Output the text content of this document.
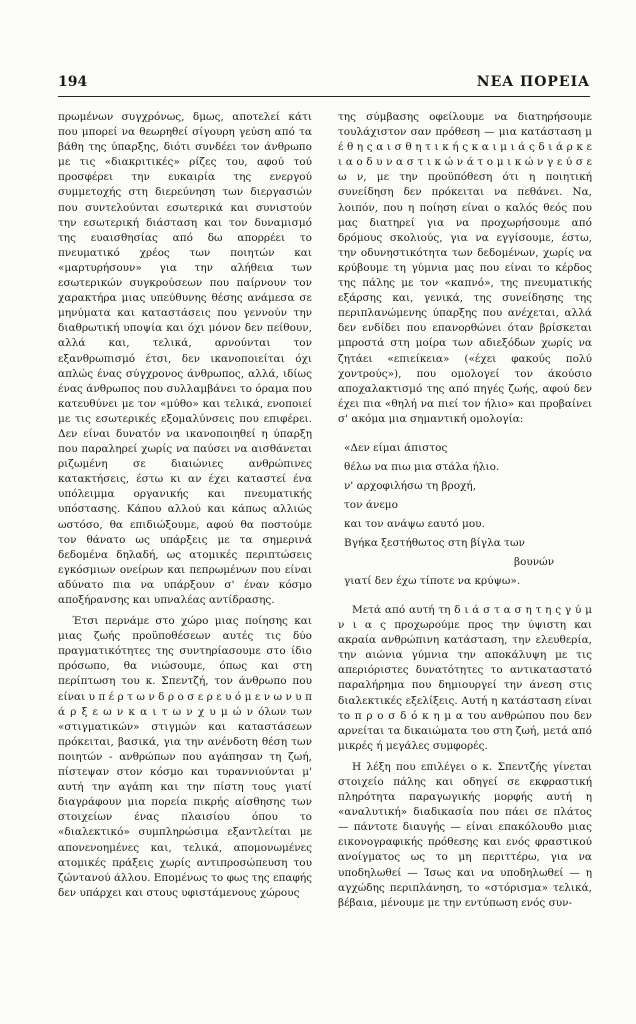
194	ΝΕΑ ΠΟΡΕΙΑ

πρωμένων συγχρόνως, δμως, αποτελεί κάτι που μπορεί να θεωρηθεί σίγουρη γεύση από τα βάθη της ύπαρξης, διότι συνδέει τον άνθρωπο με τις «διακριτικές» ρίζες του, αφού τού προσφέρει την ευκαιρία της ενεργού συμμετοχής στη διερεύνηση των διεργασιών που συντελούνται εσωτερικά και συνιστούν την εσωτερική διάσταση και τον δυναμισμό της ευαισθησίας από δω απορρέει το πνευματικό χρέος των ποιητών και «μαρτυρήσουν» για την αλήθεια των εσωτερικών συγκρούσεων που παίρνουν τον χαρακτήρα μιας υπεύθυνης θέσης ανάμεσα σε μηνύματα και καταστάσεις που γεννούν την διαθρωτική υποψία και όχι μόνον δεν πείθουν, αλλά και, τελικά, αρνούνται τον εξανθρωπισμό έτσι, δεν ικανοποιείται όχι απλώς ένας σύγχρονος άνθρωπος, αλλά, ιδίως ένας άνθρωπος που συλλαμβάνει το όραμα που κατευθύνει με τον «μύθο» και τελικά, ενοποιεί με τις εσωτερικές εξομαλύνσεις που επιφέρει. Δεν είναι δυνατόν να ικανοποιηθεί η ύπαρξη που παραληρεί χωρίς να παύσει να αισθάνεται ριζωμένη σε διαιώνιες ανθρώπινες κατακτήσεις, έστω κι αν έχει καταστεί ένα υπόλειμμα οργανικής και πνευματικής υπόστασης. Κάπου αλλού και κάπως αλλιώς ωστόσο, θα επιδιώξουμε, αφού θα ποστούμε τον θάνατο ως υπάρξεις με τα σημερινά δεδομένα δηλαδή, ως ατομικές περιπτώσεις εγκόσμιων ονείρων και πεπρωμένων που είναι αδύνατο πια να υπάρξουν σ' έναν κόσμο αποξήρανσης και υπναλέας αντίδρασης.

Έτσι περνάμε στο χώρο μιας ποίησης και μιας ζωής προϋποθέσεων αυτές τις δύο πραγματικότητες της συντηρίασουμε στο ίδιο πρόσωπο, θα νιώσουμε, όπως και στη περίπτωση του κ. Σπεντζή, τον άνθρωπο που είναι υ π έ ρ τ ω ν δ ρ ο σ ε ρ ε υ ό μ ε ν ω ν υ π ά ρ ξ ε ω ν κ α ι τ ω ν χ υ μ ώ ν όλων των «στιγματικών» στιγμών και καταστάσεων πρόκειται, βασικά, για την ανένδοτη θέση των ποιητών - ανθρώπων που αγάπησαν τη ζωή, πίστεψαν στον κόσμο και τυραννιούνται μ' αυτή την αγάπη και την πίστη τους γιατί διαγράφουν μια πορεία πικρής αίσθησης των στοιχείων ένας πλαισίου όπου το «διαλεκτικό» συμπληρώσιμα εξαντλείται με απονενοημένες και, τελικά, απομονωμένες ατομικές πράξεις χωρίς αντιπροσώπευση του ζώντανού άλλου. Επομένως το φως της επαφής δεν υπάρχει και στους υφιστάμενους χώρους

της σύμβασης οφείλουμε να διατηρήσουμε τουλάχιστον σαν πρόθεση — μια κατάσταση μ έ θ η ς α ι σ θ η τ ι κ ή ς κ α ι μ ι ά ς δ ι ά ρ κ ε ι α ο δ υ ν α σ τ ι κ ώ ν ά τ ο μ ι κ ώ ν γ ε ύ σ ε ω ν, με την προϋπόθεση ότι η ποιητική συνείδηση δεν πρόκειται να πεθάνει. Να, λοιπόν, που η ποίηση είναι ο καλός θεός που μας διατηρεί για να προχωρήσουμε από δρόμους σκολιούς, για να εγγίσουμε, έστω, την οδυνηστικότητα των δεδομένων, χωρίς να κρύβουμε τη γύμνια μας που είναι το κέρδος της πάλης με τον «καπνό», της πνευματικής εξάρσης και, γενικά, της συνείδησης της περιπλανώμενης ύπαρξης που ανέχεται, αλλά δεν ενδίδει που επανορθώνει όταν βρίσκεται μπροστά στη μοίρα των αδιεξόδων χωρίς να ζητάει «επιείκεια» («έχει φακούς πολύ χοντρούς»), που ομολογεί τον άκούσιο αποχαλακτισμό της από πηγές ζωής, αφού δεν έχει πια «θηλή να πιεί τον ήλιο» και προβαίνει σ' ακόμα μια σημαντική ομολογία:

«Δεν είμαι άπιστος
θέλω να πιω μια στάλα ήλιο.
ν' αρχοφιλήσω τη βροχή,
τον άνεμο
και τον ανάψω εαυτό μου.
Βγήκα ξεστήθωτος στη βίγλα των
βουνών
γιατί δεν έχω τίποτε να κρύψω».

Μετά από αυτή τη δ ι ά σ τ α σ η τ η ς γ ύ μ ν ι α ς προχωρούμε προς την ύψιστη και ακραία ανθρώπινη κατάσταση, την ελευθερία, την αιώνια γύμνια την αποκάλυψη με τις απεριόριστες δυνατότητες το αντικαταστατό παραλήρημα που δημιουργεί την άνεση στις διαλεκτικές εξελίξεις. Αυτή η κατάσταση είναι το π ρ ο σ δ ό κ η μ α του ανθρώπου που δεν αρνείται τα δικαιώματα του στη ζωή, μετά από μικρές ή μεγάλες συμφορές.

Η λέξη που επιλέγει ο κ. Σπεντζής γίνεται στοιχείο πάλης και οδηγεί σε εκφραστική πληρότητα παραγωγικής μορφής αυτή η «αναλυτική» διαδικασία που πάει σε πλάτος — πάντοτε διαυγής — είναι επακόλουθο μιας εικονογραφικής πρόθεσης και ενός φραστικού ανοίγματος ως το μη περιττέρω, για να υποδηλωθεί — Ίσως και να υποδηλωθεί — η αγχώδης περιπλάνηση, το «στόρισμα» τελικά, βέβαια, μένουμε με την εντύπωση ενός συν-
